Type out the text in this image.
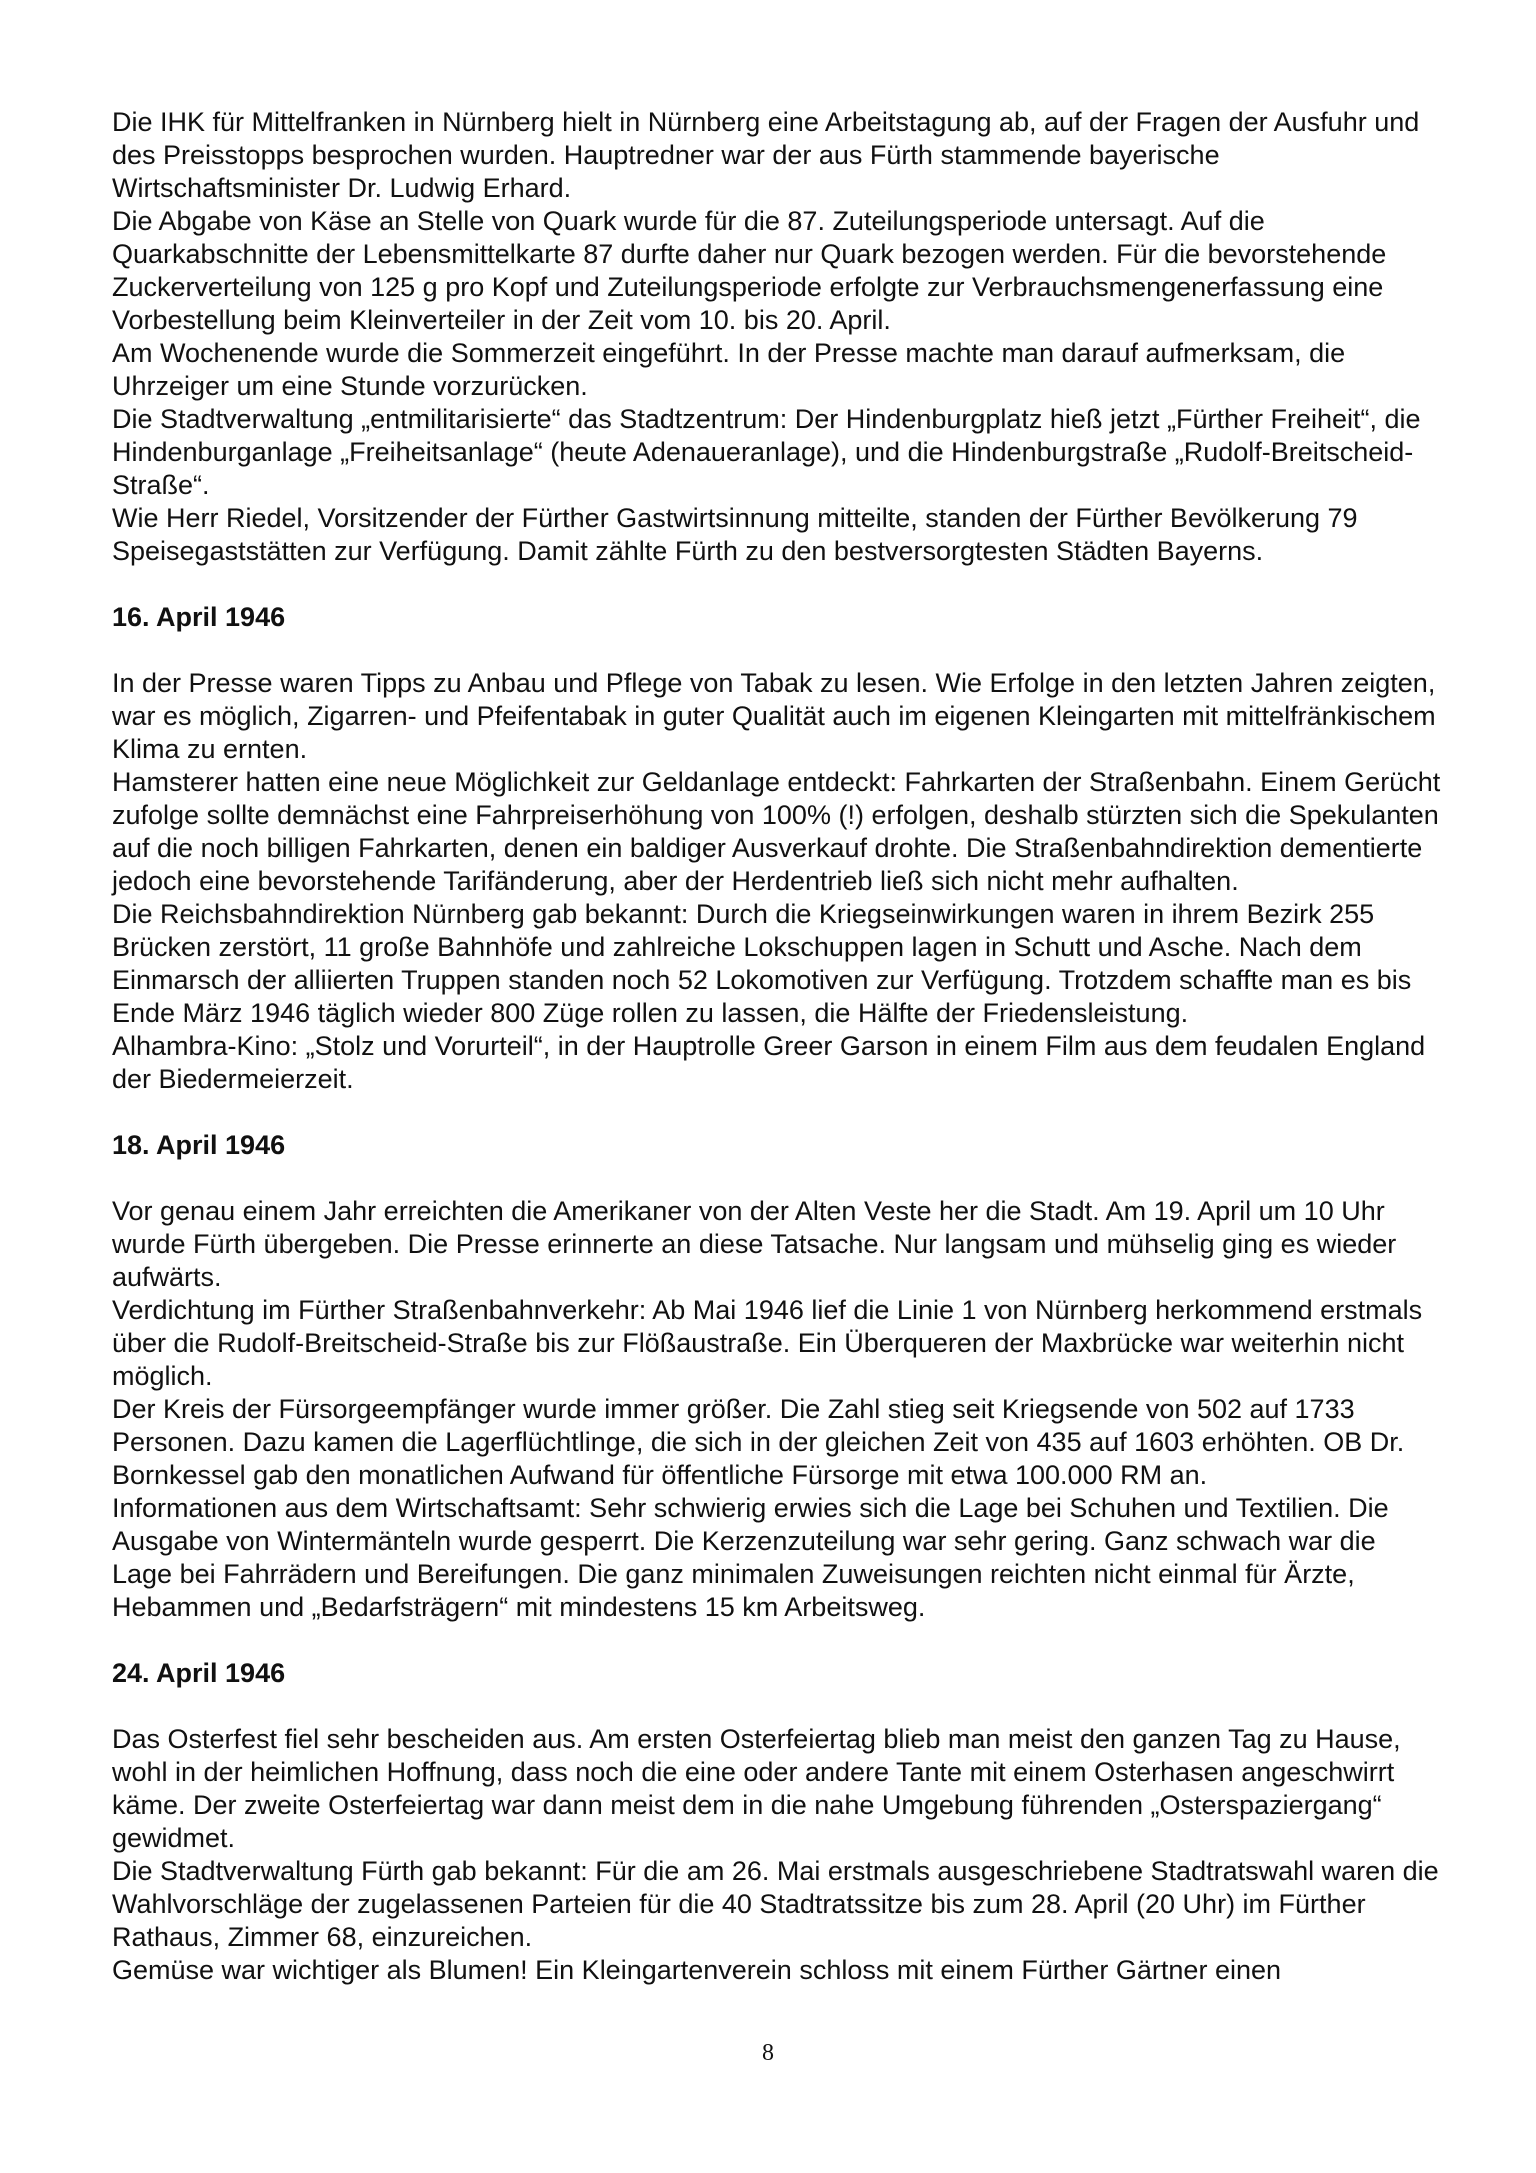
Die IHK für Mittelfranken in Nürnberg hielt in Nürnberg eine Arbeitstagung ab, auf der Fragen der Ausfuhr und des Preisstopps besprochen wurden. Hauptredner war der aus Fürth stammende bayerische Wirtschaftsminister Dr. Ludwig Erhard.

Die Abgabe von Käse an Stelle von Quark wurde für die 87. Zuteilungsperiode untersagt. Auf die Quarkabschnitte der Lebensmittelkarte 87 durfte daher nur Quark bezogen werden. Für die bevorstehende Zuckerverteilung von 125 g pro Kopf und Zuteilungsperiode erfolgte zur Verbrauchsmengenerfassung eine Vorbestellung beim Kleinverteiler in der Zeit vom 10. bis 20. April.

Am Wochenende wurde die Sommerzeit eingeführt. In der Presse machte man darauf aufmerksam, die Uhrzeiger um eine Stunde vorzurücken.

Die Stadtverwaltung „entmilitarisierte“ das Stadtzentrum: Der Hindenburgplatz hieß jetzt „Fürther Freiheit“, die Hindenburganlage „Freiheitsanlage“ (heute Adenaueranlage), und die Hindenburgstraße „Rudolf-Breitscheid-Straße“.

Wie Herr Riedel, Vorsitzender der Fürther Gastwirtsinnung mitteilte, standen der Fürther Bevölkerung 79 Speisegaststätten zur Verfügung. Damit zählte Fürth zu den bestversorgtesten Städten Bayerns.

16. April 1946

In der Presse waren Tipps zu Anbau und Pflege von Tabak zu lesen. Wie Erfolge in den letzten Jahren zeigten, war es möglich, Zigarren- und Pfeifentabak in guter Qualität auch im eigenen Kleingarten mit mittelfränkischem Klima zu ernten.

Hamsterer hatten eine neue Möglichkeit zur Geldanlage entdeckt: Fahrkarten der Straßenbahn. Einem Gerücht zufolge sollte demnächst eine Fahrpreiserhöhung von 100% (!) erfolgen, deshalb stürzten sich die Spekulanten auf die noch billigen Fahrkarten, denen ein baldiger Ausverkauf drohte. Die Straßenbahndirektion dementierte jedoch eine bevorstehende Tarifänderung, aber der Herdentrieb ließ sich nicht mehr aufhalten.

Die Reichsbahndirektion Nürnberg gab bekannt: Durch die Kriegseinwirkungen waren in ihrem Bezirk 255 Brücken zerstört, 11 große Bahnhöfe und zahlreiche Lokschuppen lagen in Schutt und Asche. Nach dem Einmarsch der alliierten Truppen standen noch 52 Lokomotiven zur Verfügung. Trotzdem schaffte man es bis Ende März 1946 täglich wieder 800 Züge rollen zu lassen, die Hälfte der Friedensleistung.

Alhambra-Kino: „Stolz und Vorurteil“, in der Hauptrolle Greer Garson in einem Film aus dem feudalen England der Biedermeierzeit.

18. April 1946

Vor genau einem Jahr erreichten die Amerikaner von der Alten Veste her die Stadt. Am 19. April um 10 Uhr wurde Fürth übergeben. Die Presse erinnerte an diese Tatsache. Nur langsam und mühselig ging es wieder aufwärts.

Verdichtung im Fürther Straßenbahnverkehr: Ab Mai 1946 lief die Linie 1 von Nürnberg herkommend erstmals über die Rudolf-Breitscheid-Straße bis zur Flößaustraße. Ein Überqueren der Maxbrücke war weiterhin nicht möglich.

Der Kreis der Fürsorgeempfänger wurde immer größer. Die Zahl stieg seit Kriegsende von 502 auf 1733 Personen. Dazu kamen die Lagerflüchtlinge, die sich in der gleichen Zeit von 435 auf 1603 erhöhten. OB Dr. Bornkessel gab den monatlichen Aufwand für öffentliche Fürsorge mit etwa 100.000 RM an.

Informationen aus dem Wirtschaftsamt: Sehr schwierig erwies sich die Lage bei Schuhen und Textilien. Die Ausgabe von Wintermänteln wurde gesperrt. Die Kerzenzuteilung war sehr gering. Ganz schwach war die Lage bei Fahrrädern und Bereifungen. Die ganz minimalen Zuweisungen reichten nicht einmal für Ärzte, Hebammen und „Bedarfsträgern“ mit mindestens 15 km Arbeitsweg.

24. April 1946

Das Osterfest fiel sehr bescheiden aus. Am ersten Osterfeiertag blieb man meist den ganzen Tag zu Hause, wohl in der heimlichen Hoffnung, dass noch die eine oder andere Tante mit einem Osterhasen angeschwirrt käme. Der zweite Osterfeiertag war dann meist dem in die nahe Umgebung führenden „Osterspaziergang“ gewidmet.

Die Stadtverwaltung Fürth gab bekannt: Für die am 26. Mai erstmals ausgeschriebene Stadtratswahl waren die Wahlvorschläge der zugelassenen Parteien für die 40 Stadtratssitze bis zum 28. April (20 Uhr) im Fürther Rathaus, Zimmer 68, einzureichen.

Gemüse war wichtiger als Blumen! Ein Kleingartenverein schloss mit einem Fürther Gärtner einen

8
